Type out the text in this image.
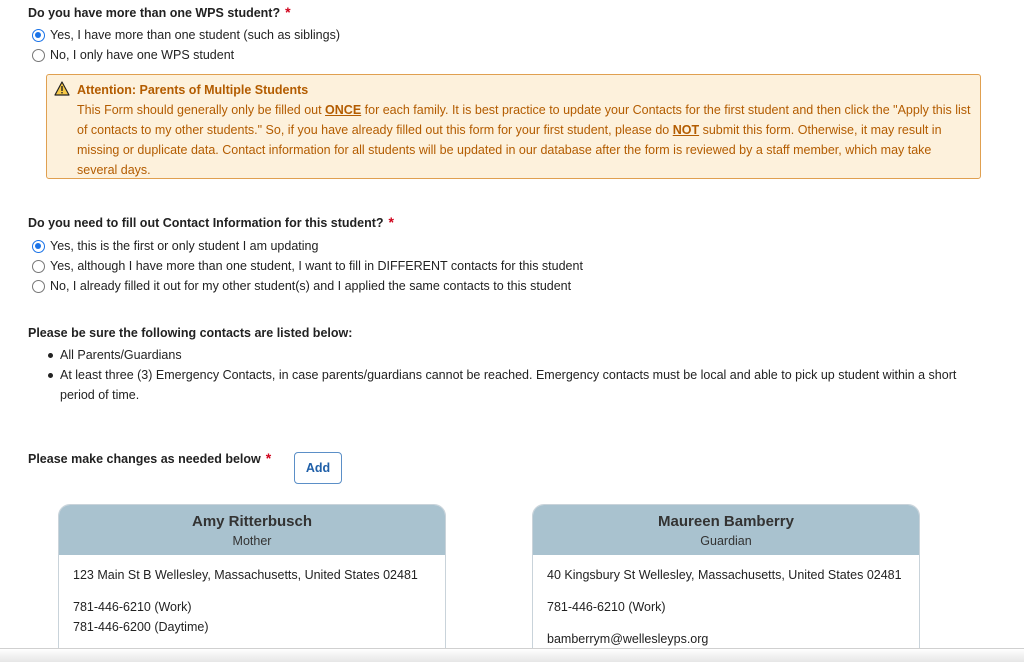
Do you have more than one WPS student? *
Yes, I have more than one student (such as siblings)
No, I only have one WPS student
Attention: Parents of Multiple Students
This Form should generally only be filled out ONCE for each family. It is best practice to update your Contacts for the first student and then click the "Apply this list of contacts to my other students." So, if you have already filled out this form for your first student, please do NOT submit this form. Otherwise, it may result in missing or duplicate data. Contact information for all students will be updated in our database after the form is reviewed by a staff member, which may take several days.
Do you need to fill out Contact Information for this student? *
Yes, this is the first or only student I am updating
Yes, although I have more than one student, I want to fill in DIFFERENT contacts for this student
No, I already filled it out for my other student(s) and I applied the same contacts to this student
Please be sure the following contacts are listed below:
All Parents/Guardians
At least three (3) Emergency Contacts, in case parents/guardians cannot be reached. Emergency contacts must be local and able to pick up student within a short period of time.
Please make changes as needed below *
Add
Amy Ritterbusch
Mother
123 Main St B Wellesley, Massachusetts, United States 02481
781-446-6210 (Work)
781-446-6200 (Daytime)
Maureen Bamberry
Guardian
40 Kingsbury St Wellesley, Massachusetts, United States 02481
781-446-6210 (Work)
bamberrym@wellesleyps.org
